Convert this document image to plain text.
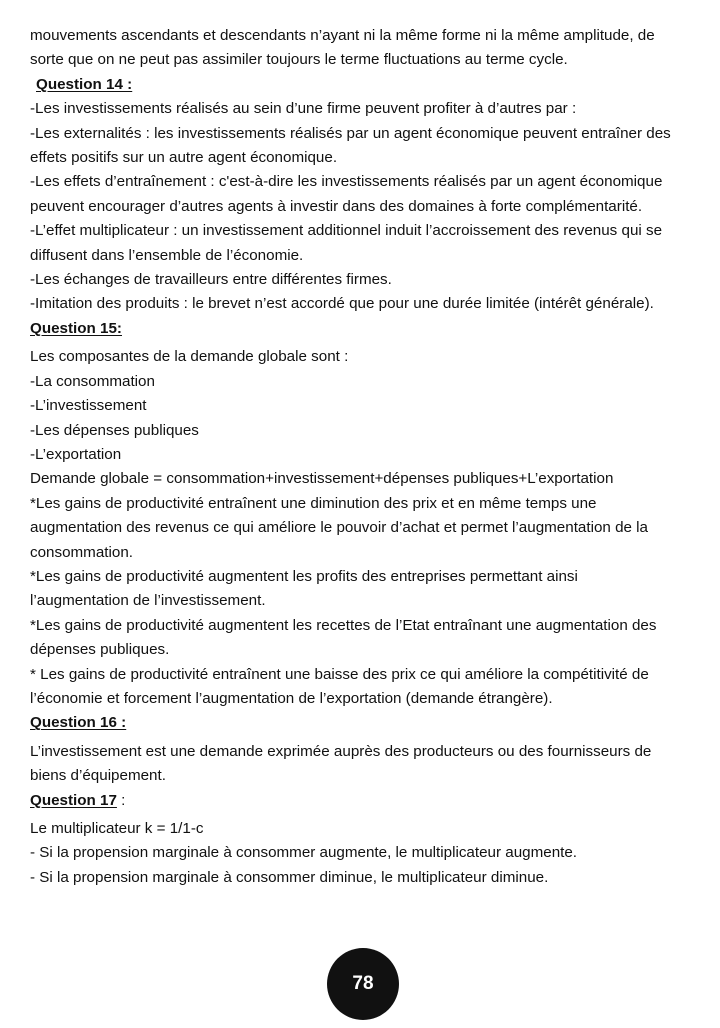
mouvements ascendants et descendants n’ayant ni la même forme ni la même amplitude, de
sorte que on ne peut pas assimiler toujours le terme fluctuations au terme cycle.
Question 14 :
-Les investissements réalisés au sein d’une firme peuvent profiter à d’autres par :
-Les externalités : les investissements réalisés par un agent économique peuvent entraîner des
effets positifs sur un autre agent économique.
-Les effets d’entraînement : c'est-à-dire les investissements réalisés par un agent économique
peuvent encourager d’autres agents à investir dans des domaines à forte complémentarité.
-L’effet multiplicateur : un investissement additionnel induit l’accroissement des revenus qui se
diffusent dans l’ensemble de l’économie.
-Les échanges de travailleurs entre différentes firmes.
-Imitation des produits : le brevet n’est accordé que pour une durée limitée (intérêt générale).
Question 15:
Les composantes de la demande globale sont :
-La consommation
-L’investissement
-Les dépenses publiques
-L’exportation
Demande globale = consommation+investissement+dépenses publiques+L’exportation
*Les gains de productivité entraînent une diminution des prix et en même temps une
augmentation des revenus ce qui améliore le pouvoir d’achat et permet l’augmentation de la
consommation.
*Les gains de productivité augmentent les profits des entreprises permettant ainsi
l’augmentation de l’investissement.
*Les gains de productivité augmentent les recettes de l’Etat entraînant une augmentation des
dépenses publiques.
* Les gains de productivité entraînent une baisse des prix ce qui améliore la compétitivité de
l’économie et forcement l’augmentation de l’exportation (demande étrangère).
Question 16 :
L’investissement est une demande exprimée auprès des producteurs ou des fournisseurs de
biens d’équipement.
Question 17 :
Le multiplicateur k = 1/1-c
- Si la propension marginale à consommer augmente, le multiplicateur augmente.
- Si la propension marginale à consommer diminue, le multiplicateur diminue.
78
